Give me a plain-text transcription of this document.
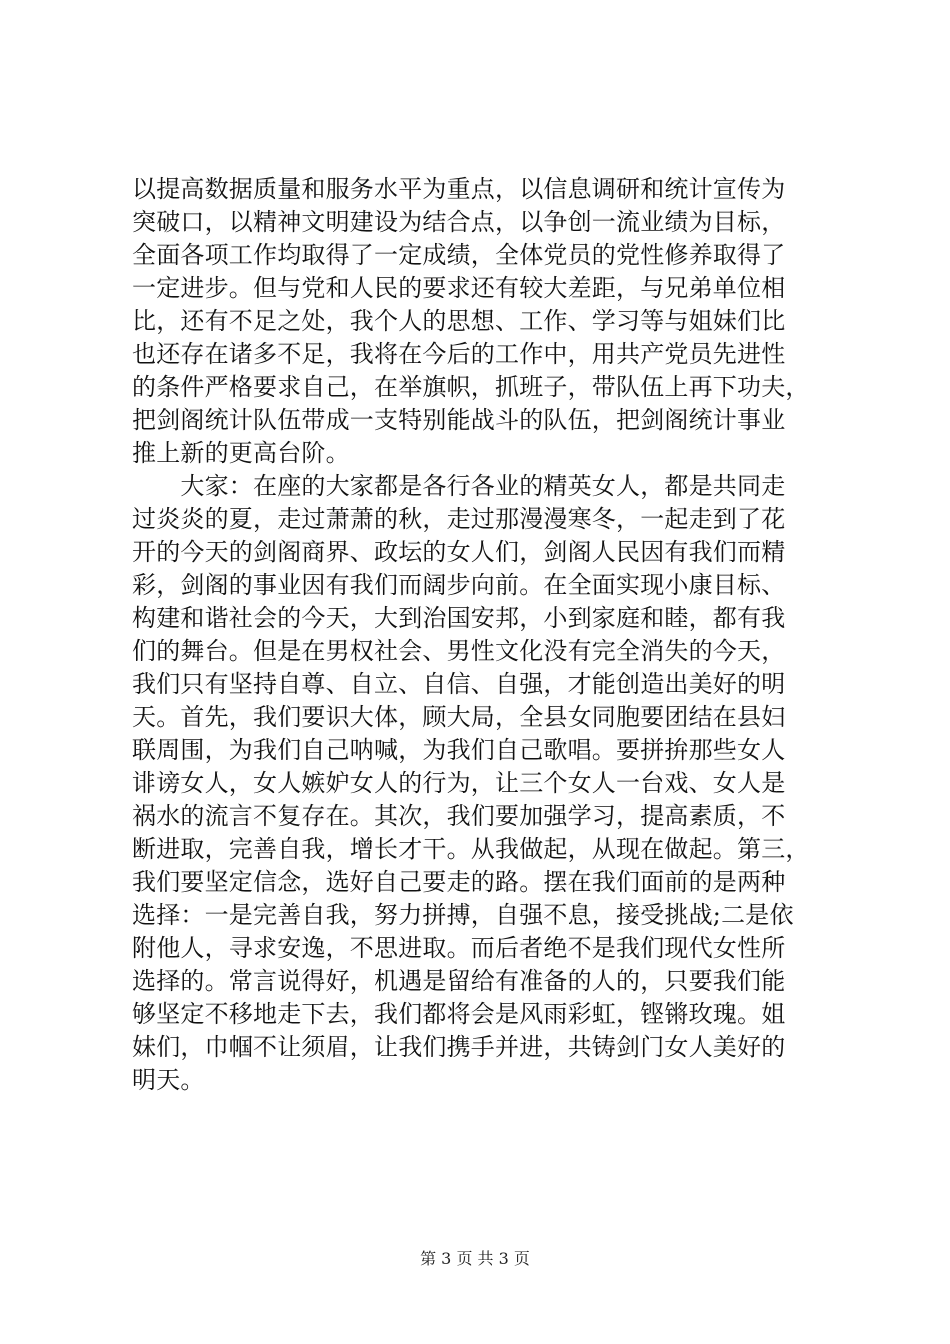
以提高数据质量和服务水平为重点，以信息调研和统计宣传为
突破口，以精神文明建设为结合点，以争创一流业绩为目标，
全面各项工作均取得了一定成绩，全体党员的党性修养取得了
一定进步。但与党和人民的要求还有较大差距，与兄弟单位相
比，还有不足之处，我个人的思想、工作、学习等与姐妹们比
也还存在诸多不足，我将在今后的工作中，用共产党员先进性
的条件严格要求自己，在举旗帜，抓班子，带队伍上再下功夫，
把剑阁统计队伍带成一支特别能战斗的队伍，把剑阁统计事业
推上新的更高台阶。
　　大家：在座的大家都是各行各业的精英女人，都是共同走
过炎炎的夏，走过萧萧的秋，走过那漫漫寒冬，一起走到了花
开的今天的剑阁商界、政坛的女人们，剑阁人民因有我们而精
彩，剑阁的事业因有我们而阔步向前。在全面实现小康目标、
构建和谐社会的今天，大到治国安邦，小到家庭和睦，都有我
们的舞台。但是在男权社会、男性文化没有完全消失的今天，
我们只有坚持自尊、自立、自信、自强，才能创造出美好的明
天。首先，我们要识大体，顾大局，全县女同胞要团结在县妇
联周围，为我们自己呐喊，为我们自己歌唱。要拼拚那些女人
诽谤女人，女人嫉妒女人的行为，让三个女人一台戏、女人是
祸水的流言不复存在。其次，我们要加强学习，提高素质，不
断进取，完善自我，增长才干。从我做起，从现在做起。第三，
我们要坚定信念，选好自己要走的路。摆在我们面前的是两种
选择：一是完善自我，努力拼搏，自强不息，接受挑战;二是依
附他人，寻求安逸，不思进取。而后者绝不是我们现代女性所
选择的。常言说得好，机遇是留给有准备的人的，只要我们能
够坚定不移地走下去，我们都将会是风雨彩虹，铿锵玫瑰。姐
妹们，巾帼不让须眉，让我们携手并进，共铸剑门女人美好的
明天。
第 3 页 共 3 页
